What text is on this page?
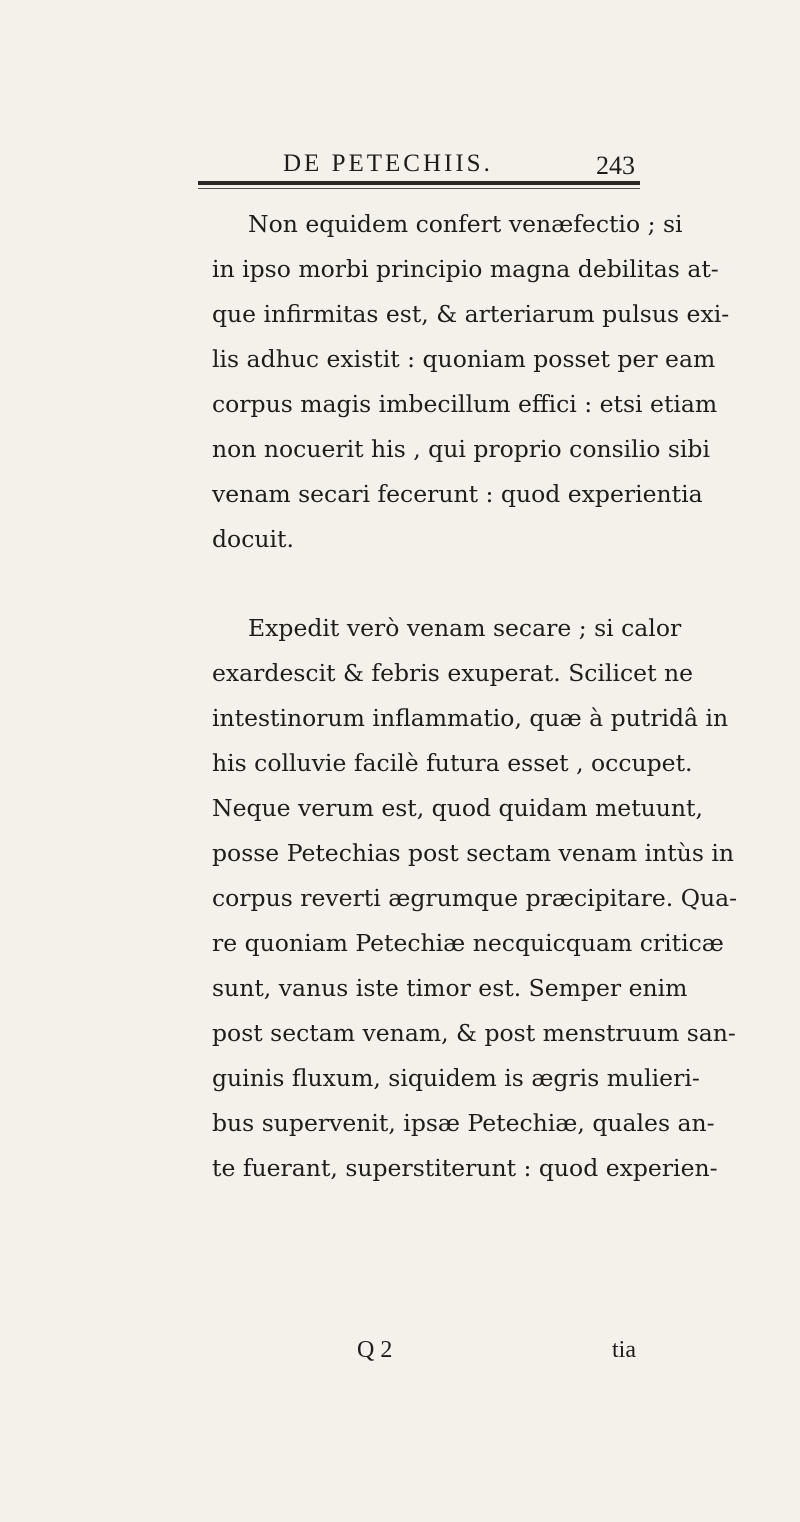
DE PETECHIIS.	243
Non equidem confert venæfectio ; si
in ipso morbi principio magna debilitas at-
que infirmitas est, & arteriarum pulsus exi-
lis adhuc existit : quoniam posset per eam
corpus magis imbecillum effici : etsi etiam
non nocuerit his , qui proprio consilio sibi
venam secari fecerunt : quod experientia
docuit.
Expedit verò venam secare ; si calor
exardescit & febris exuperat. Scilicet ne
intestinorum inflammatio, quæ à putridâ in
his colluvie facilè futura esset , occupet.
Neque verum est, quod quidam metuunt,
posse Petechias post sectam venam intùs in
corpus reverti ægrumque præcipitare. Qua-
re quoniam Petechiæ necquicquam criticæ
sunt, vanus iste timor est. Semper enim
post sectam venam, & post menstruum san-
guinis fluxum, siquidem is ægris mulieri-
bus supervenit, ipsæ Petechiæ, quales an-
te fuerant, superstiterunt : quod experien-
Q 2	tia
